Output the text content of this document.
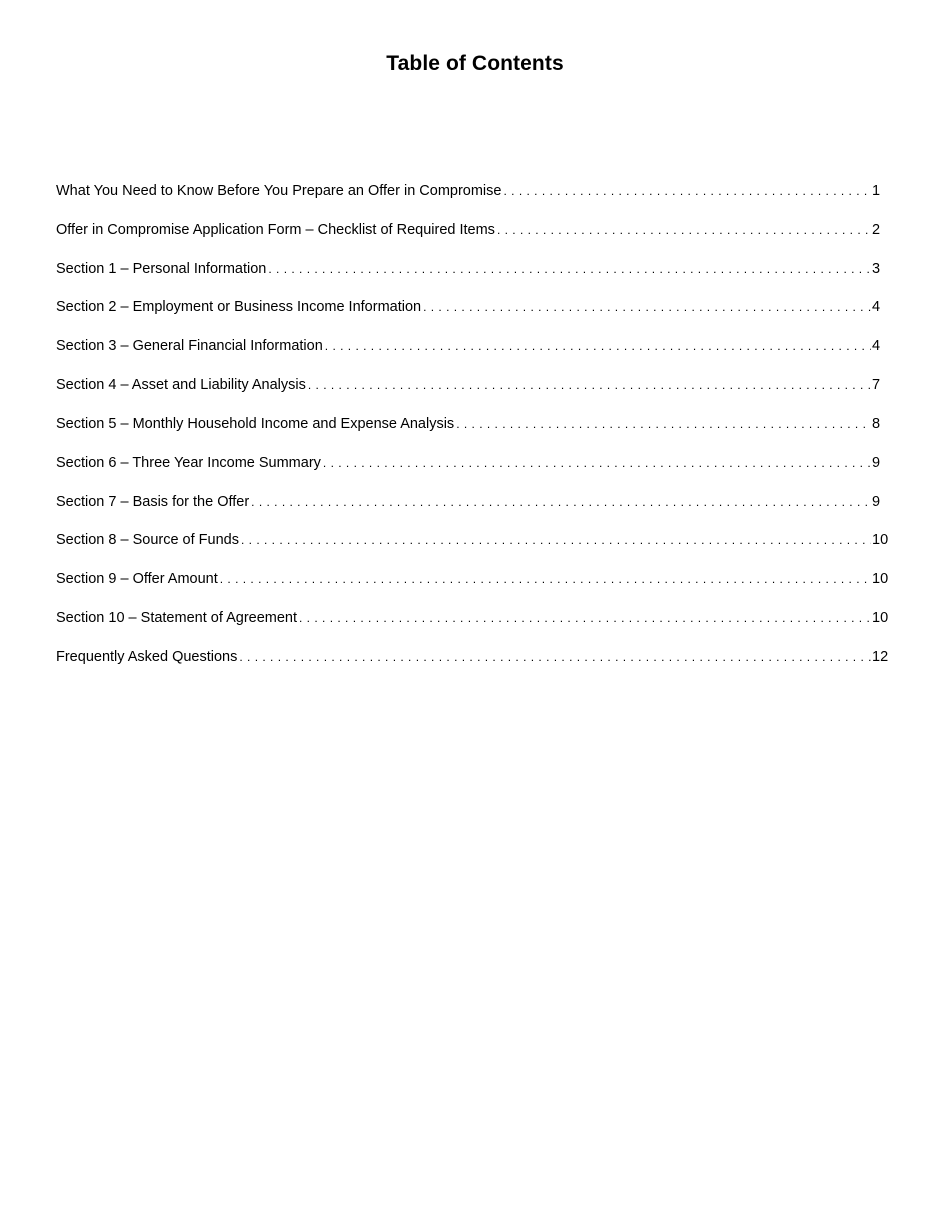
Table of Contents
What You Need to Know Before You Prepare an Offer in Compromise . . .	1
Offer in Compromise Application Form – Checklist of Required Items . . .	2
Section 1 – Personal Information . . .	3
Section 2 – Employment or Business Income Information . . .	4
Section 3 – General Financial Information . . .	4
Section 4 – Asset and Liability Analysis . . .	7
Section 5 – Monthly Household Income and Expense Analysis . . .	8
Section 6 – Three Year Income Summary . . .	9
Section 7 – Basis for the Offer . . .	9
Section 8 – Source of Funds . . .	10
Section 9 – Offer Amount . . .	10
Section 10 – Statement of Agreement . . .	10
Frequently Asked Questions . . .	12
